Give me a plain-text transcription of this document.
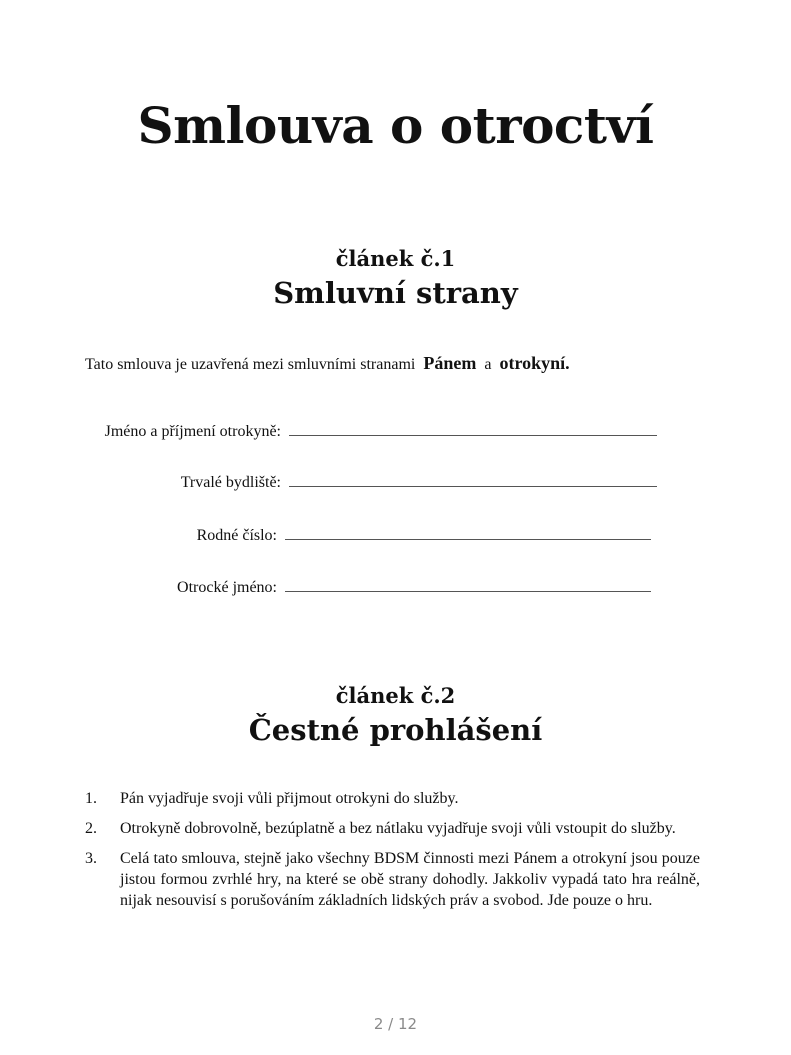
Smlouva o otroctví
článek č.1
Smluvní strany
Tato smlouva je uzavřená mezi smluvními stranami Pánem a otrokyní.
Jméno a příjmení otrokyně:
Trvalé bydliště:
Rodné číslo:
Otrocké jméno:
článek č.2
Čestné prohlášení
1.	Pán vyjadřuje svoji vůli přijmout otrokyni do služby.
2.	Otrokyně dobrovolně, bezúplatně a bez nátlaku vyjadřuje svoji vůli vstoupit do služby.
3.	Celá tato smlouva, stejně jako všechny BDSM činnosti mezi Pánem a otrokyní jsou pouze jistou formou zvrhlé hry, na které se obě strany dohodly. Jakkoliv vypadá tato hra reálně, nijak nesouvisí s porušováním základních lidských práv a svobod. Jde pouze o hru.
2 / 12
